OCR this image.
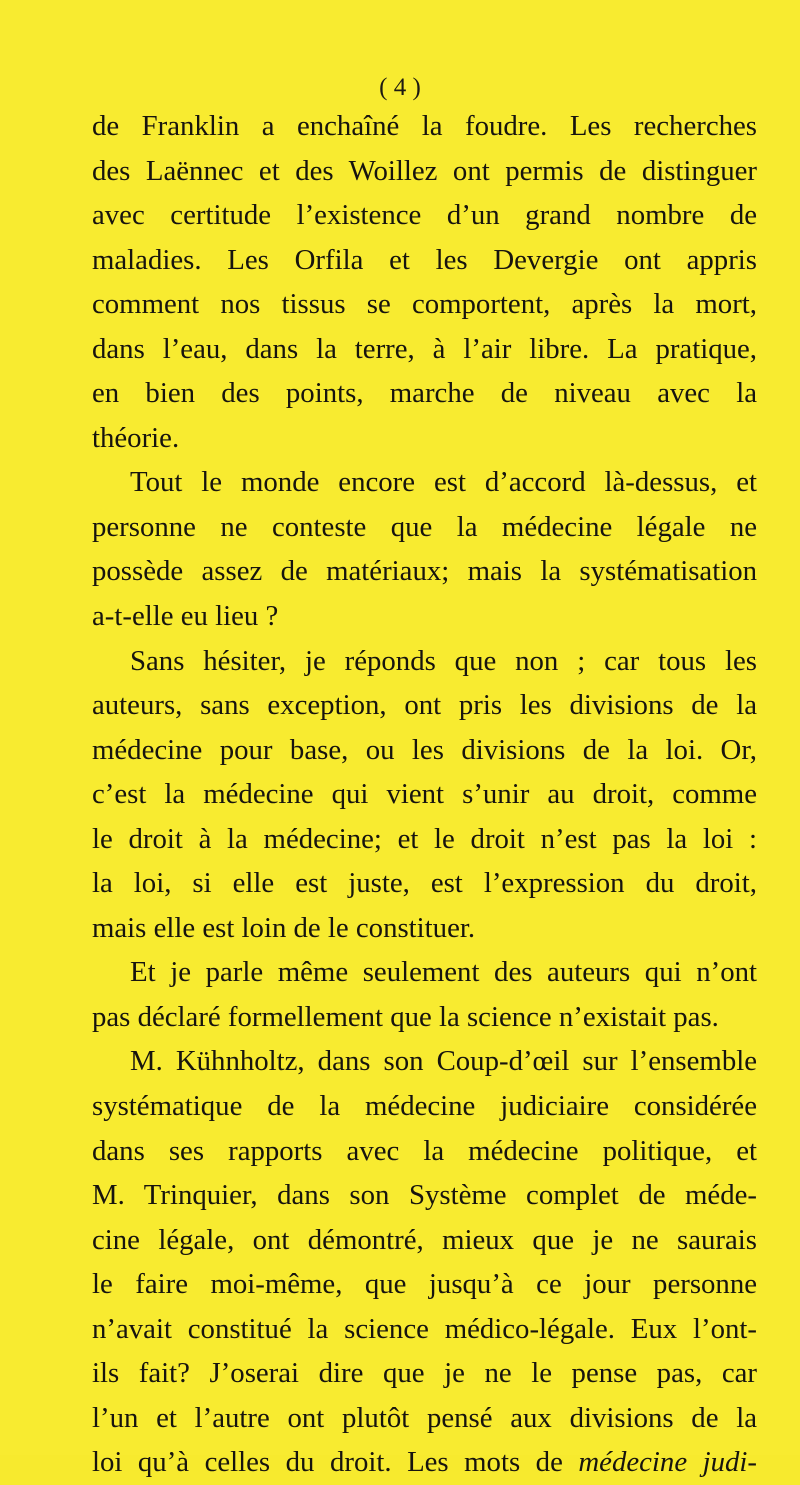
( 4 )
de Franklin a enchaîné la foudre. Les recherches
des Laënnec et des Woillez ont permis de distinguer
avec certitude l’existence d’un grand nombre de
maladies. Les Orfila et les Devergie ont appris
comment nos tissus se comportent, après la mort,
dans l’eau, dans la terre, à l’air libre. La pratique,
en bien des points, marche de niveau avec la
théorie.
Tout le monde encore est d’accord là-dessus, et
personne ne conteste que la médecine légale ne
possède assez de matériaux; mais la systématisation
a-t-elle eu lieu ?
Sans hésiter, je réponds que non ; car tous les
auteurs, sans exception, ont pris les divisions de la
médecine pour base, ou les divisions de la loi. Or,
c’est la médecine qui vient s’unir au droit, comme
le droit à la médecine; et le droit n’est pas la loi :
la loi, si elle est juste, est l’expression du droit,
mais elle est loin de le constituer.
Et je parle même seulement des auteurs qui n’ont
pas déclaré formellement que la science n’existait pas.
M. Kühnholtz, dans son Coup-d’œil sur l’ensemble
systématique de la médecine judiciaire considérée
dans ses rapports avec la médecine politique, et
M. Trinquier, dans son Système complet de méde-
cine légale, ont démontré, mieux que je ne saurais
le faire moi-même, que jusqu’à ce jour personne
n’avait constitué la science médico-légale. Eux l’ont-
ils fait? J’oserai dire que je ne le pense pas, car
l’un et l’autre ont plutôt pensé aux divisions de la
loi qu’à celles du droit. Les mots de médecine judi-
